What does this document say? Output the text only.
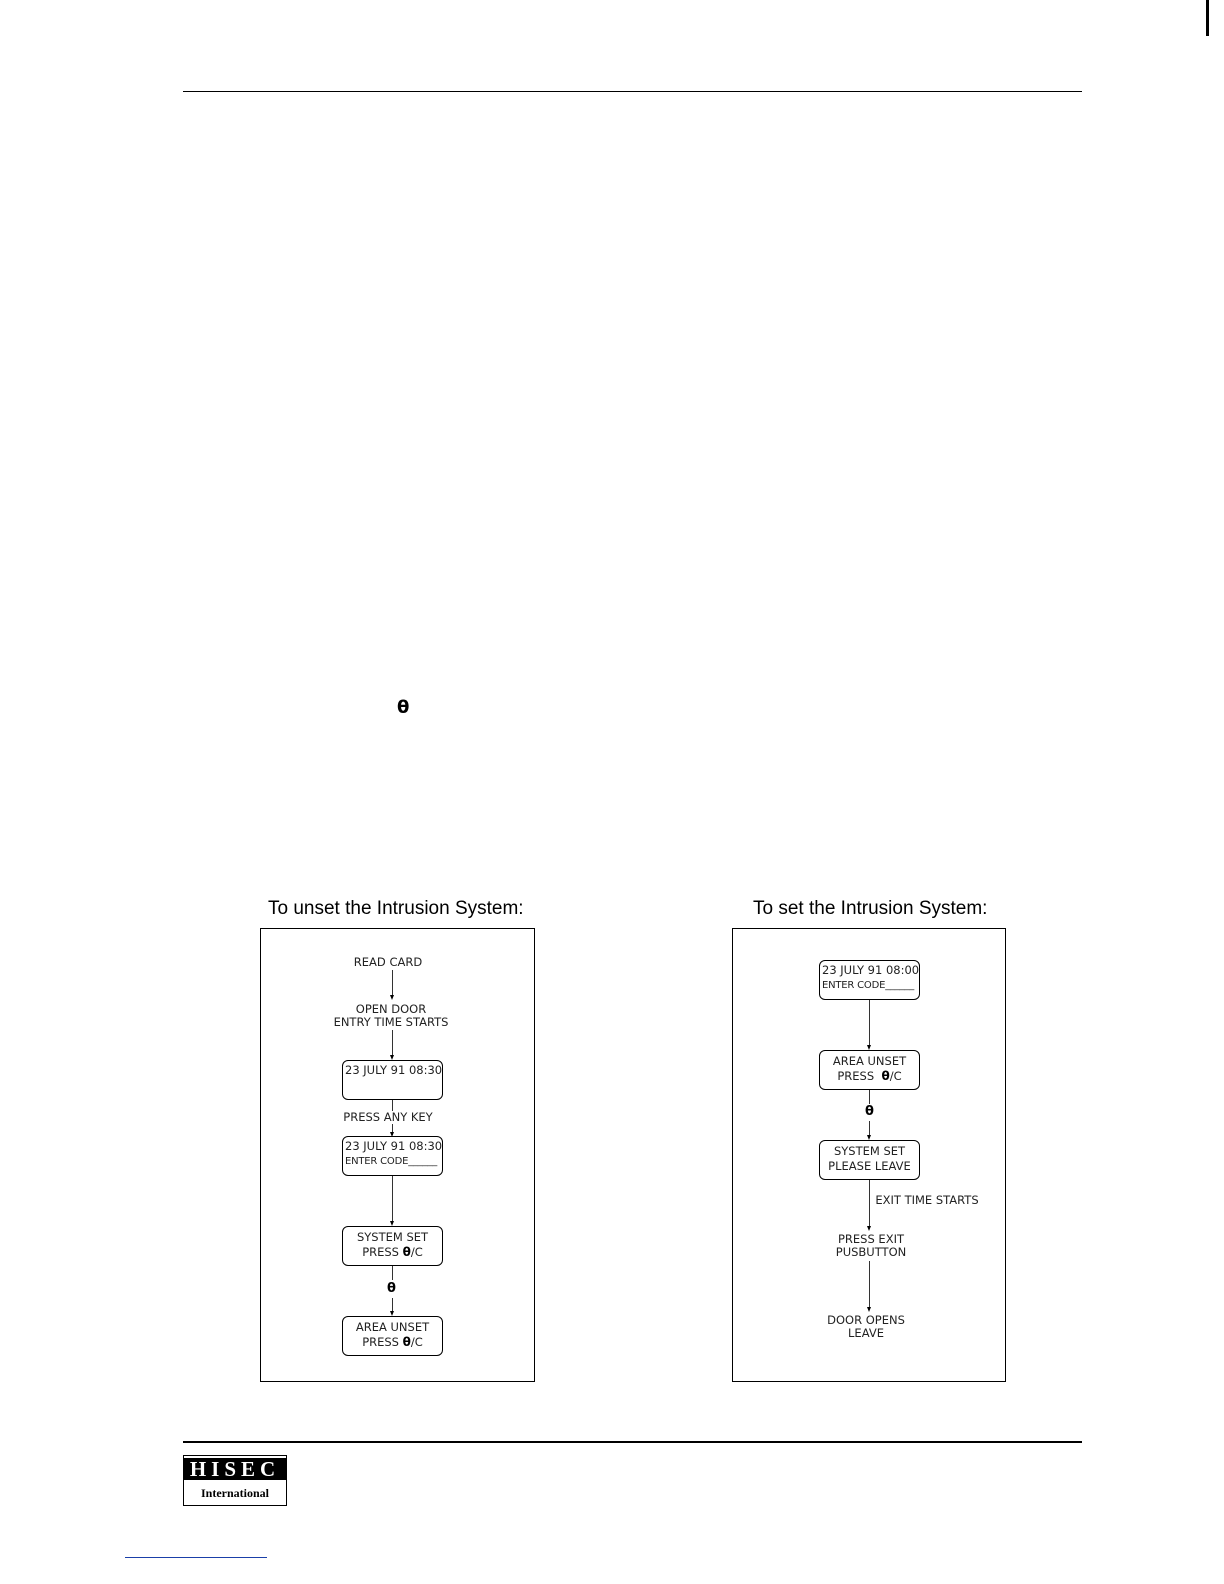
θ
To unset the Intrusion System:
READ CARD
OPEN DOOR
ENTRY TIME STARTS
23 JULY 91 08:30
PRESS ANY KEY
23 JULY 91 08:30
ENTER CODE______
SYSTEM SET
PRESS θ/C
θ
AREA UNSET
PRESS θ/C
To set the Intrusion System:
23 JULY 91 08:00
ENTER CODE______
AREA UNSET
PRESS  θ/C
θ
SYSTEM SET
PLEASE LEAVE
EXIT TIME STARTS
PRESS EXIT
PUSBUTTON
DOOR OPENS
LEAVE
HISEC
International
